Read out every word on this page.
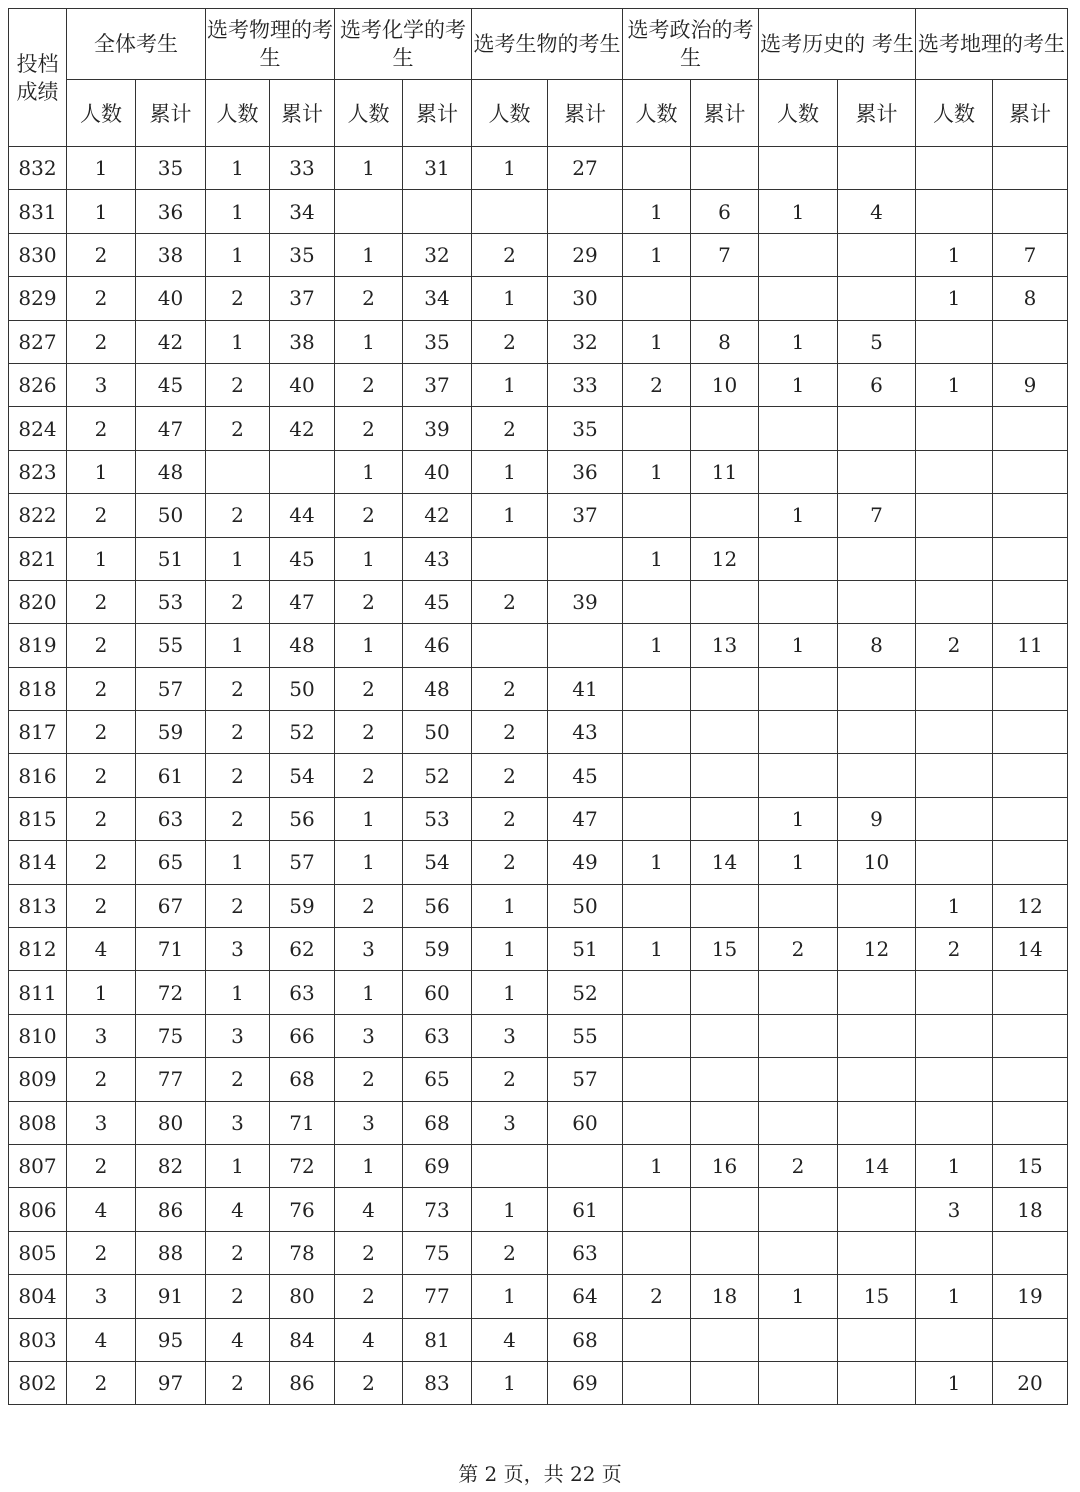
投档成绩	全体考生		选考物理的考生		选考化学的考生		选考生物的考生		选考政治的考生		选考历史的 考生		选考地理的考生	
	人数	累计	人数	累计	人数	累计	人数	累计	人数	累计	人数	累计	人数	累计
832	1	35	1	33	1	31	1	27						
831	1	36	1	34					1	6	1	4		
830	2	38	1	35	1	32	2	29	1	7			1	7
829	2	40	2	37	2	34	1	30					1	8
827	2	42	1	38	1	35	2	32	1	8	1	5		
826	3	45	2	40	2	37	1	33	2	10	1	6	1	9
824	2	47	2	42	2	39	2	35						
823	1	48			1	40	1	36	1	11				
822	2	50	2	44	2	42	1	37			1	7		
821	1	51	1	45	1	43			1	12				
820	2	53	2	47	2	45	2	39						
819	2	55	1	48	1	46			1	13	1	8	2	11
818	2	57	2	50	2	48	2	41						
817	2	59	2	52	2	50	2	43						
816	2	61	2	54	2	52	2	45						
815	2	63	2	56	1	53	2	47			1	9		
814	2	65	1	57	1	54	2	49	1	14	1	10		
813	2	67	2	59	2	56	1	50					1	12
812	4	71	3	62	3	59	1	51	1	15	2	12	2	14
811	1	72	1	63	1	60	1	52						
810	3	75	3	66	3	63	3	55						
809	2	77	2	68	2	65	2	57						
808	3	80	3	71	3	68	3	60						
807	2	82	1	72	1	69			1	16	2	14	1	15
806	4	86	4	76	4	73	1	61					3	18
805	2	88	2	78	2	75	2	63						
804	3	91	2	80	2	77	1	64	2	18	1	15	1	19
803	4	95	4	84	4	81	4	68						
802	2	97	2	86	2	83	1	69					1	20
第 2 页，共 22 页
